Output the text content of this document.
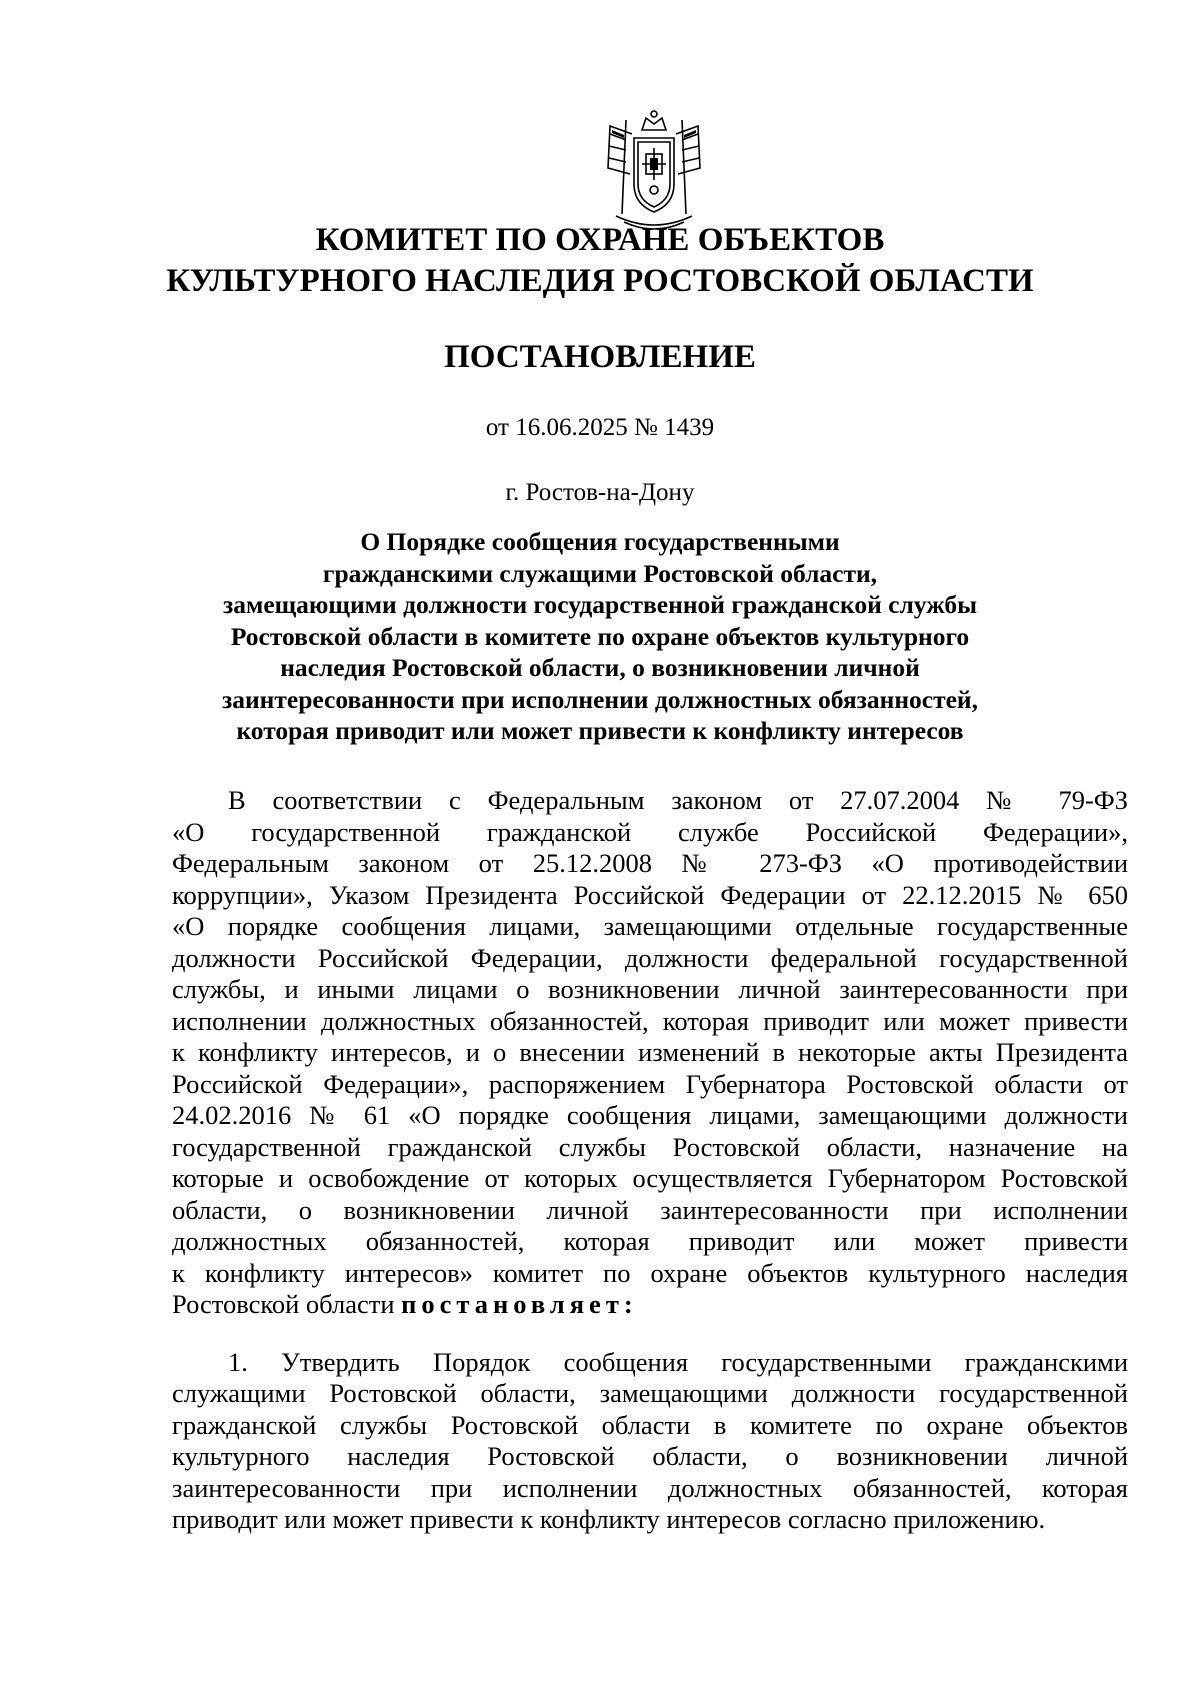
КОМИТЕТ ПО ОХРАНЕ ОБЪЕКТОВ
КУЛЬТУРНОГО НАСЛЕДИЯ РОСТОВСКОЙ ОБЛАСТИ
ПОСТАНОВЛЕНИЕ
от 16.06.2025 № 1439
г. Ростов-на-Дону
О Порядке сообщения государственными
гражданскими служащими Ростовской области,
замещающими должности государственной гражданской службы
Ростовской области в комитете по охране объектов культурного
наследия Ростовской области, о возникновении личной
заинтересованности при исполнении должностных обязанностей,
которая приводит или может привести к конфликту интересов
В соответствии с Федеральным законом от 27.07.2004 № 79-ФЗ
«О государственной гражданской службе Российской Федерации»,
Федеральным законом от 25.12.2008 № 273-ФЗ «О противодействии
коррупции», Указом Президента Российской Федерации от 22.12.2015 № 650
«О порядке сообщения лицами, замещающими отдельные государственные
должности Российской Федерации, должности федеральной государственной
службы, и иными лицами о возникновении личной заинтересованности при
исполнении должностных обязанностей, которая приводит или может привести
к конфликту интересов, и о внесении изменений в некоторые акты Президента
Российской Федерации», распоряжением Губернатора Ростовской области от
24.02.2016 № 61 «О порядке сообщения лицами, замещающими должности
государственной гражданской службы Ростовской области, назначение на
которые и освобождение от которых осуществляется Губернатором Ростовской
области, о возникновении личной заинтересованности при исполнении
должностных обязанностей, которая приводит или может привести
к конфликту интересов» комитет по охране объектов культурного наследия
Ростовской области постановляет:
1. Утвердить Порядок сообщения государственными гражданскими
служащими Ростовской области, замещающими должности государственной
гражданской службы Ростовской области в комитете по охране объектов
культурного наследия Ростовской области, о возникновении личной
заинтересованности при исполнении должностных обязанностей, которая
приводит или может привести к конфликту интересов согласно приложению.
